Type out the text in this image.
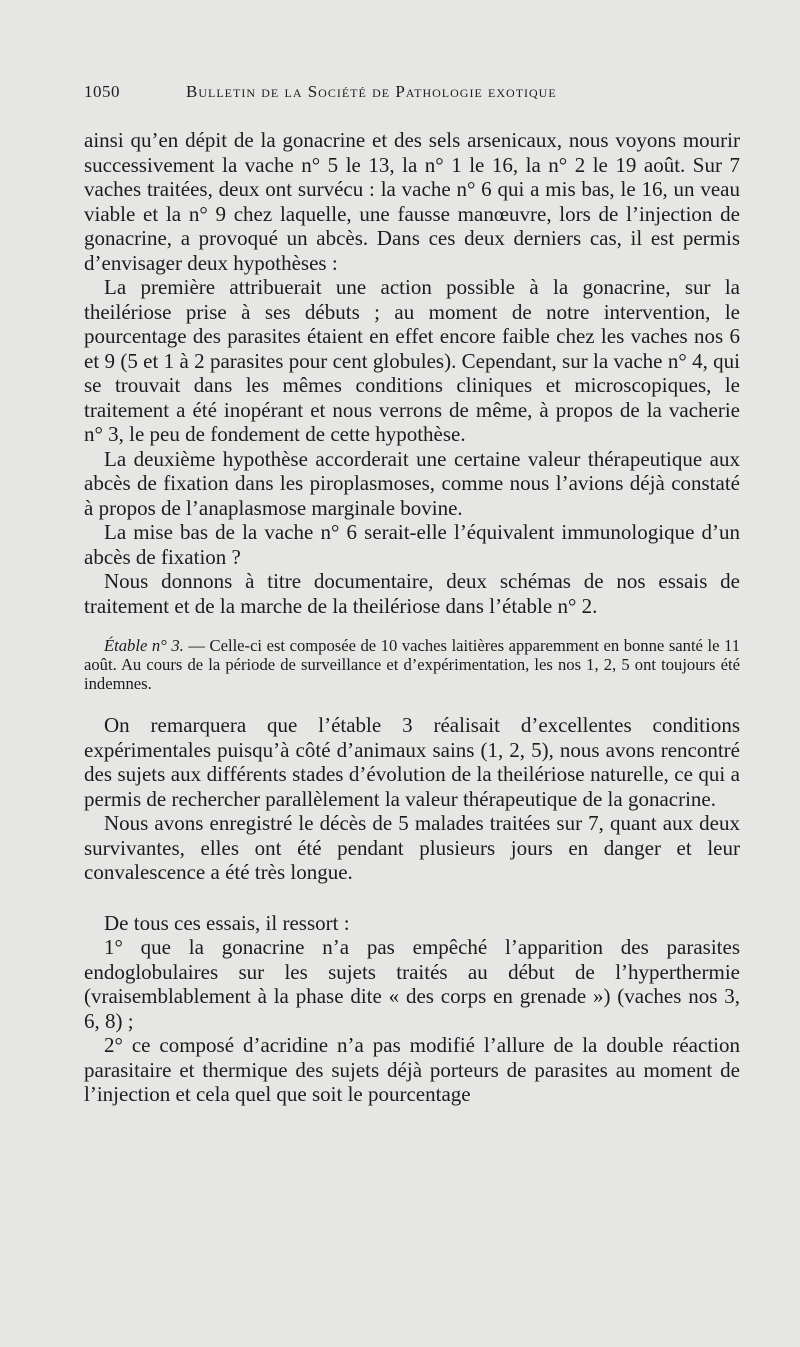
1050	Bulletin de la Société de Pathologie exotique

ainsi qu’en dépit de la gonacrine et des sels arsenicaux, nous voyons mourir successivement la vache n° 5 le 13, la n° 1 le 16, la n° 2 le 19 août. Sur 7 vaches traitées, deux ont survécu : la vache n° 6 qui a mis bas, le 16, un veau viable et la n° 9 chez laquelle, une fausse manœuvre, lors de l’injection de gonacrine, a provoqué un abcès. Dans ces deux derniers cas, il est permis d’envisager deux hypothèses :

La première attribuerait une action possible à la gonacrine, sur la theilériose prise à ses débuts ; au moment de notre intervention, le pourcentage des parasites étaient en effet encore faible chez les vaches nos 6 et 9 (5 et 1 à 2 parasites pour cent globules). Cependant, sur la vache n° 4, qui se trouvait dans les mêmes conditions cliniques et microscopiques, le traitement a été inopérant et nous verrons de même, à propos de la vacherie n° 3, le peu de fondement de cette hypothèse.

La deuxième hypothèse accorderait une certaine valeur thérapeutique aux abcès de fixation dans les piroplasmoses, comme nous l’avions déjà constaté à propos de l’anaplasmose marginale bovine.

La mise bas de la vache n° 6 serait-elle l’équivalent immunologique d’un abcès de fixation ?

Nous donnons à titre documentaire, deux schémas de nos essais de traitement et de la marche de la theilériose dans l’étable n° 2.

Étable n° 3. — Celle-ci est composée de 10 vaches laitières apparemment en bonne santé le 11 août. Au cours de la période de surveillance et d’expérimentation, les nos 1, 2, 5 ont toujours été indemnes.

On remarquera que l’étable 3 réalisait d’excellentes conditions expérimentales puisqu’à côté d’animaux sains (1, 2, 5), nous avons rencontré des sujets aux différents stades d’évolution de la theilériose naturelle, ce qui a permis de rechercher parallèlement la valeur thérapeutique de la gonacrine.

Nous avons enregistré le décès de 5 malades traitées sur 7, quant aux deux survivantes, elles ont été pendant plusieurs jours en danger et leur convalescence a été très longue.

De tous ces essais, il ressort :

1° que la gonacrine n’a pas empêché l’apparition des parasites endoglobulaires sur les sujets traités au début de l’hyperthermie (vraisemblablement à la phase dite « des corps en grenade ») (vaches nos 3, 6, 8) ;

2° ce composé d’acridine n’a pas modifié l’allure de la double réaction parasitaire et thermique des sujets déjà porteurs de parasites au moment de l’injection et cela quel que soit le pourcentage
